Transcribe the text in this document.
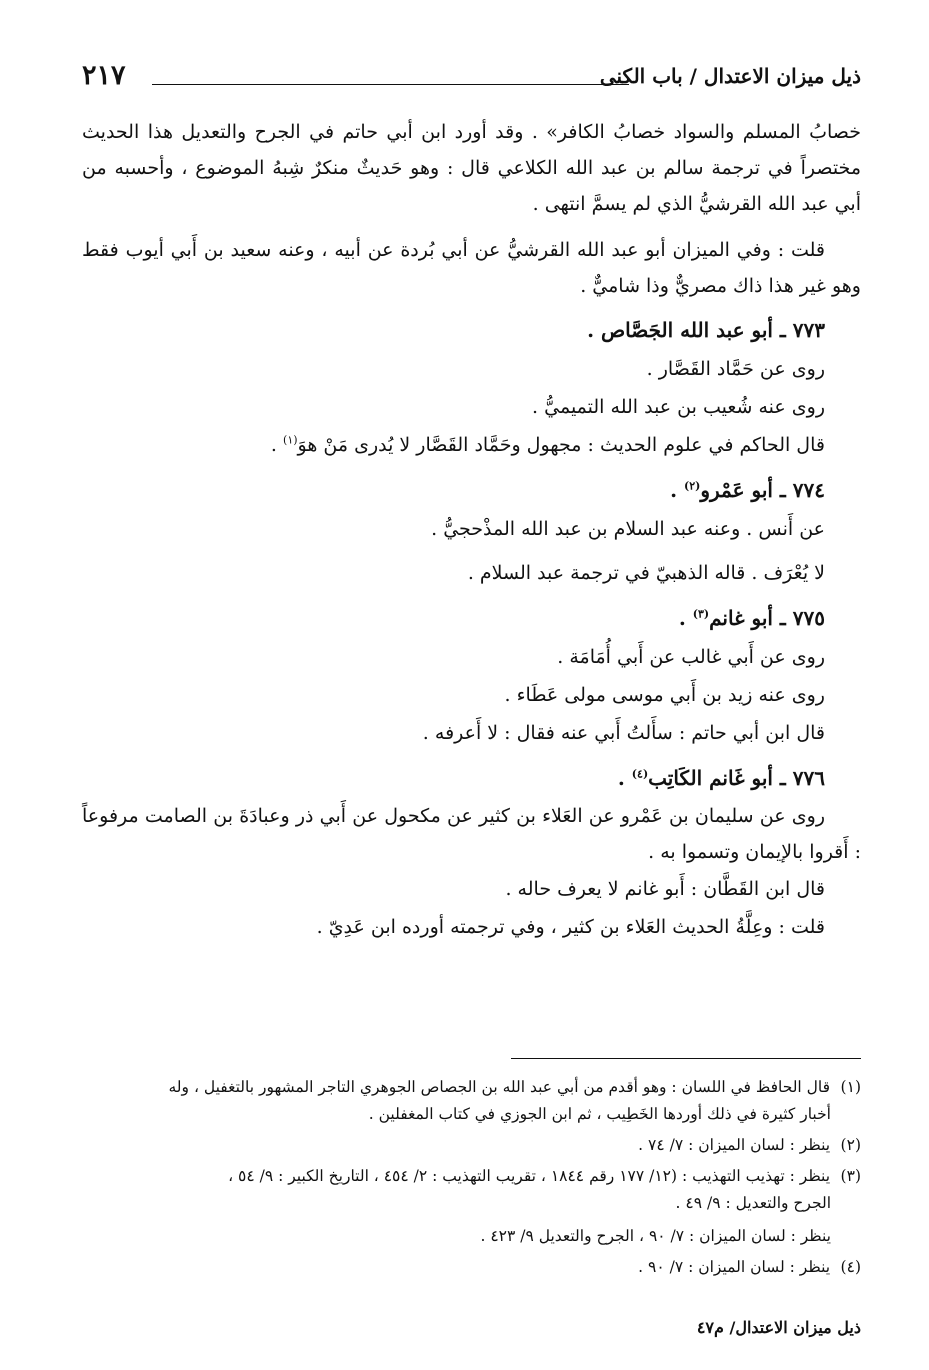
ذيل ميزان الاعتدال / باب الكنى
٢١٧

خصابُ المسلم والسواد خصابُ الكافر» . وقد أورد ابن أبي حاتم في الجرح والتعديل هذا الحديث مختصراً في ترجمة سالم بن عبد الله الكلاعي قال : وهو حَديثٌ منكرٌ شِبهُ الموضوع ، وأحسبه من أبي عبد الله القرشيُّ الذي لم يسمَّ انتهى .

قلت : وفي الميزان أبو عبد الله القرشيُّ عن أبي بُردة عن أبيه ، وعنه سعيد بن أَبي أيوب فقط وهو غير هذا ذاك مصريٌّ وذا شاميٌّ .

٧٧٣ ـ أبو عبد الله الجَصَّاص .

روى عن حَمَّاد القَصَّار .

روى عنه شُعيب بن عبد الله التميميُّ .

قال الحاكم في علوم الحديث : مجهول وحَمَّاد القَصَّار لا يُدرى مَنْ هوَ$^{(١)}$ .

٧٧٤ ـ أبو عَمْرو$^{(٢)}$ .

عن أَنس . وعنه عبد السلام بن عبد الله المذْحجيُّ .

لا يُعْرَف . قاله الذهبيّ في ترجمة عبد السلام .

٧٧٥ ـ أبو غانم$^{(٣)}$ .

روى عن أَبي غالب عن أَبي أُمَامَة .

روى عنه زيد بن أَبي موسى مولى عَطَاء .

قال ابن أبي حاتم : سأَلتُ أَبي عنه فقال : لا أَعرفه .

٧٧٦ ـ أبو غَانم الكَاتِب$^{(٤)}$ .

روى عن سليمان بن عَمْرو عن العَلاء بن كثير عن مكحول عن أَبي ذر وعبادَةَ بن الصامت مرفوعاً : أَقروا بالإيمان وتسموا به .

قال ابن القَطَّان : أَبو غانم لا يعرف حاله .

قلت : وعِلَّةُ الحديث العَلاء بن كثير ، وفي ترجمته أورده ابن عَدِيّ .

(١) قال الحافظ في اللسان : وهو أقدم من أبي عبد الله بن الجصاص الجوهري التاجر المشهور بالتغفيل ، وله
أخبار كثيرة في ذلك أوردها الخَطِيب ، ثم ابن الجوزي في كتاب المغفلين .

(٢) ينظر : لسان الميزان : ٧/ ٧٤ .

(٣) ينظر : تهذيب التهذيب : (١٢/ ١٧٧ رقم ١٨٤٤ ، تقريب التهذيب : ٢/ ٤٥٤ ، التاريخ الكبير : ٩/ ٥٤ ،
الجرح والتعديل : ٩/ ٤٩ .

ينظر : لسان الميزان : ٧/ ٩٠ ، الجرح والتعديل ٩/ ٤٢٣ .

(٤) ينظر : لسان الميزان : ٧/ ٩٠ .

ذيل ميزان الاعتدال/ م٤٧
